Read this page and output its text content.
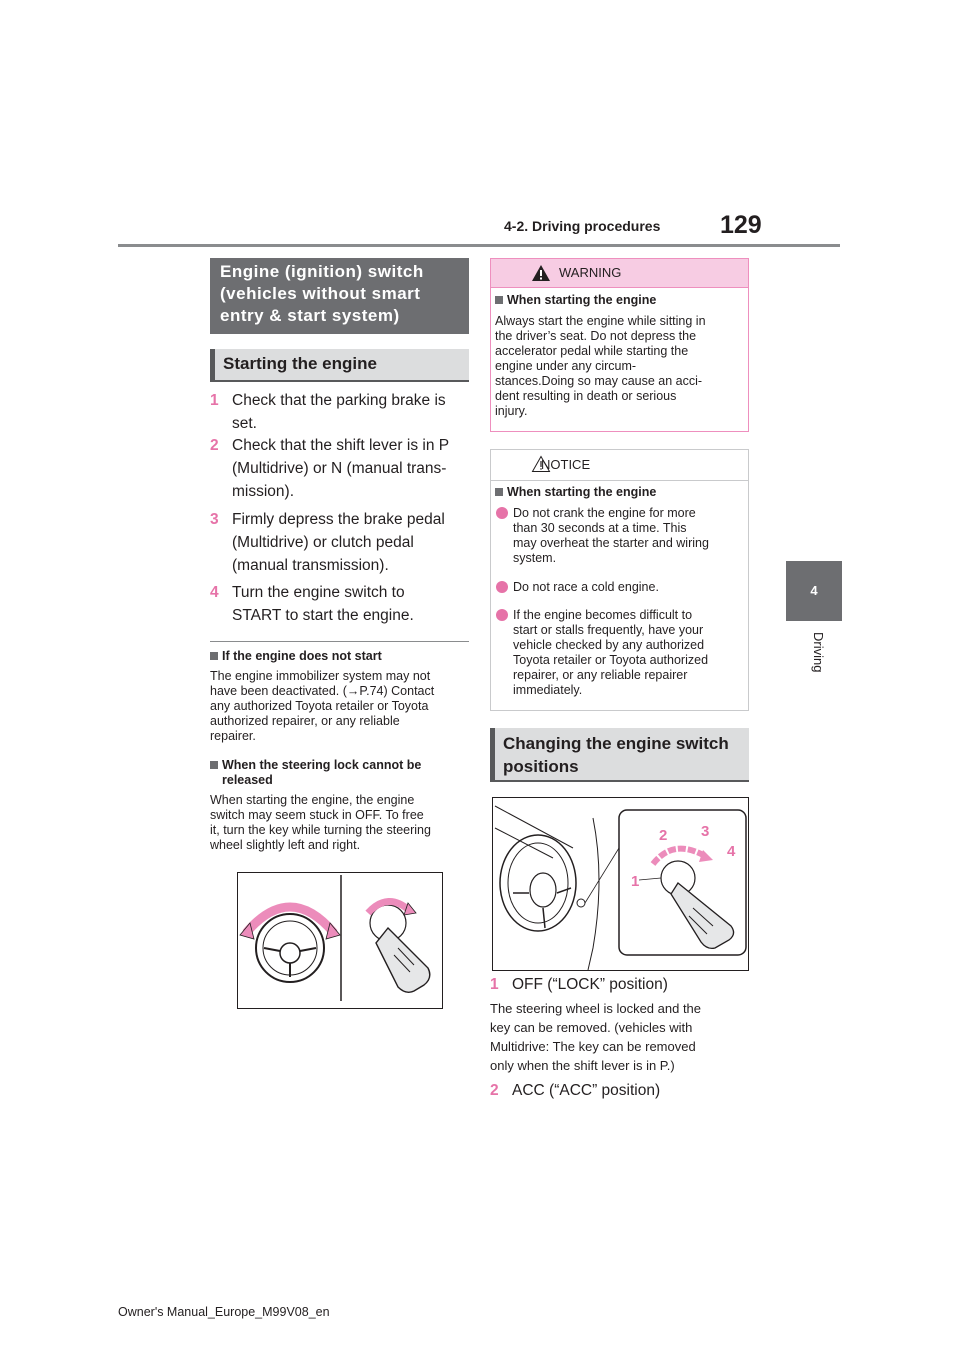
4-2. Driving procedures 129
4
Driving
Engine (ignition) switch
(vehicles without smart
entry & start system)
Starting the engine
1 Check that the parking brake is
set.
2 Check that the shift lever is in P
(Multidrive) or N (manual trans-
mission).
3 Firmly depress the brake pedal
(Multidrive) or clutch pedal
(manual transmission).
4 Turn the engine switch to
START to start the engine.
If the engine does not start
The engine immobilizer system may not
have been deactivated. (→P.74) Contact
any authorized Toyota retailer or Toyota
authorized repairer, or any reliable
repairer.
When the steering lock cannot be
released
When starting the engine, the engine
switch may seem stuck in OFF. To free
it, turn the key while turning the steering
wheel slightly left and right.
WARNING
When starting the engine
Always start the engine while sitting in
the driver’s seat. Do not depress the
accelerator pedal while starting the
engine under any circum-
stances.Doing so may cause an acci-
dent resulting in death or serious
injury.
NOTICE
When starting the engine
Do not crank the engine for more
than 30 seconds at a time. This
may overheat the starter and wiring
system.
Do not race a cold engine.
If the engine becomes difficult to
start or stalls frequently, have your
vehicle checked by any authorized
Toyota retailer or Toyota authorized
repairer, or any reliable repairer
immediately.
Changing the engine switch
positions
1
2 3
4
1 OFF (“LOCK” position)
The steering wheel is locked and the
key can be removed. (vehicles with
Multidrive: The key can be removed
only when the shift lever is in P.)
2 ACC (“ACC” position)
Owner's Manual_Europe_M99V08_en
